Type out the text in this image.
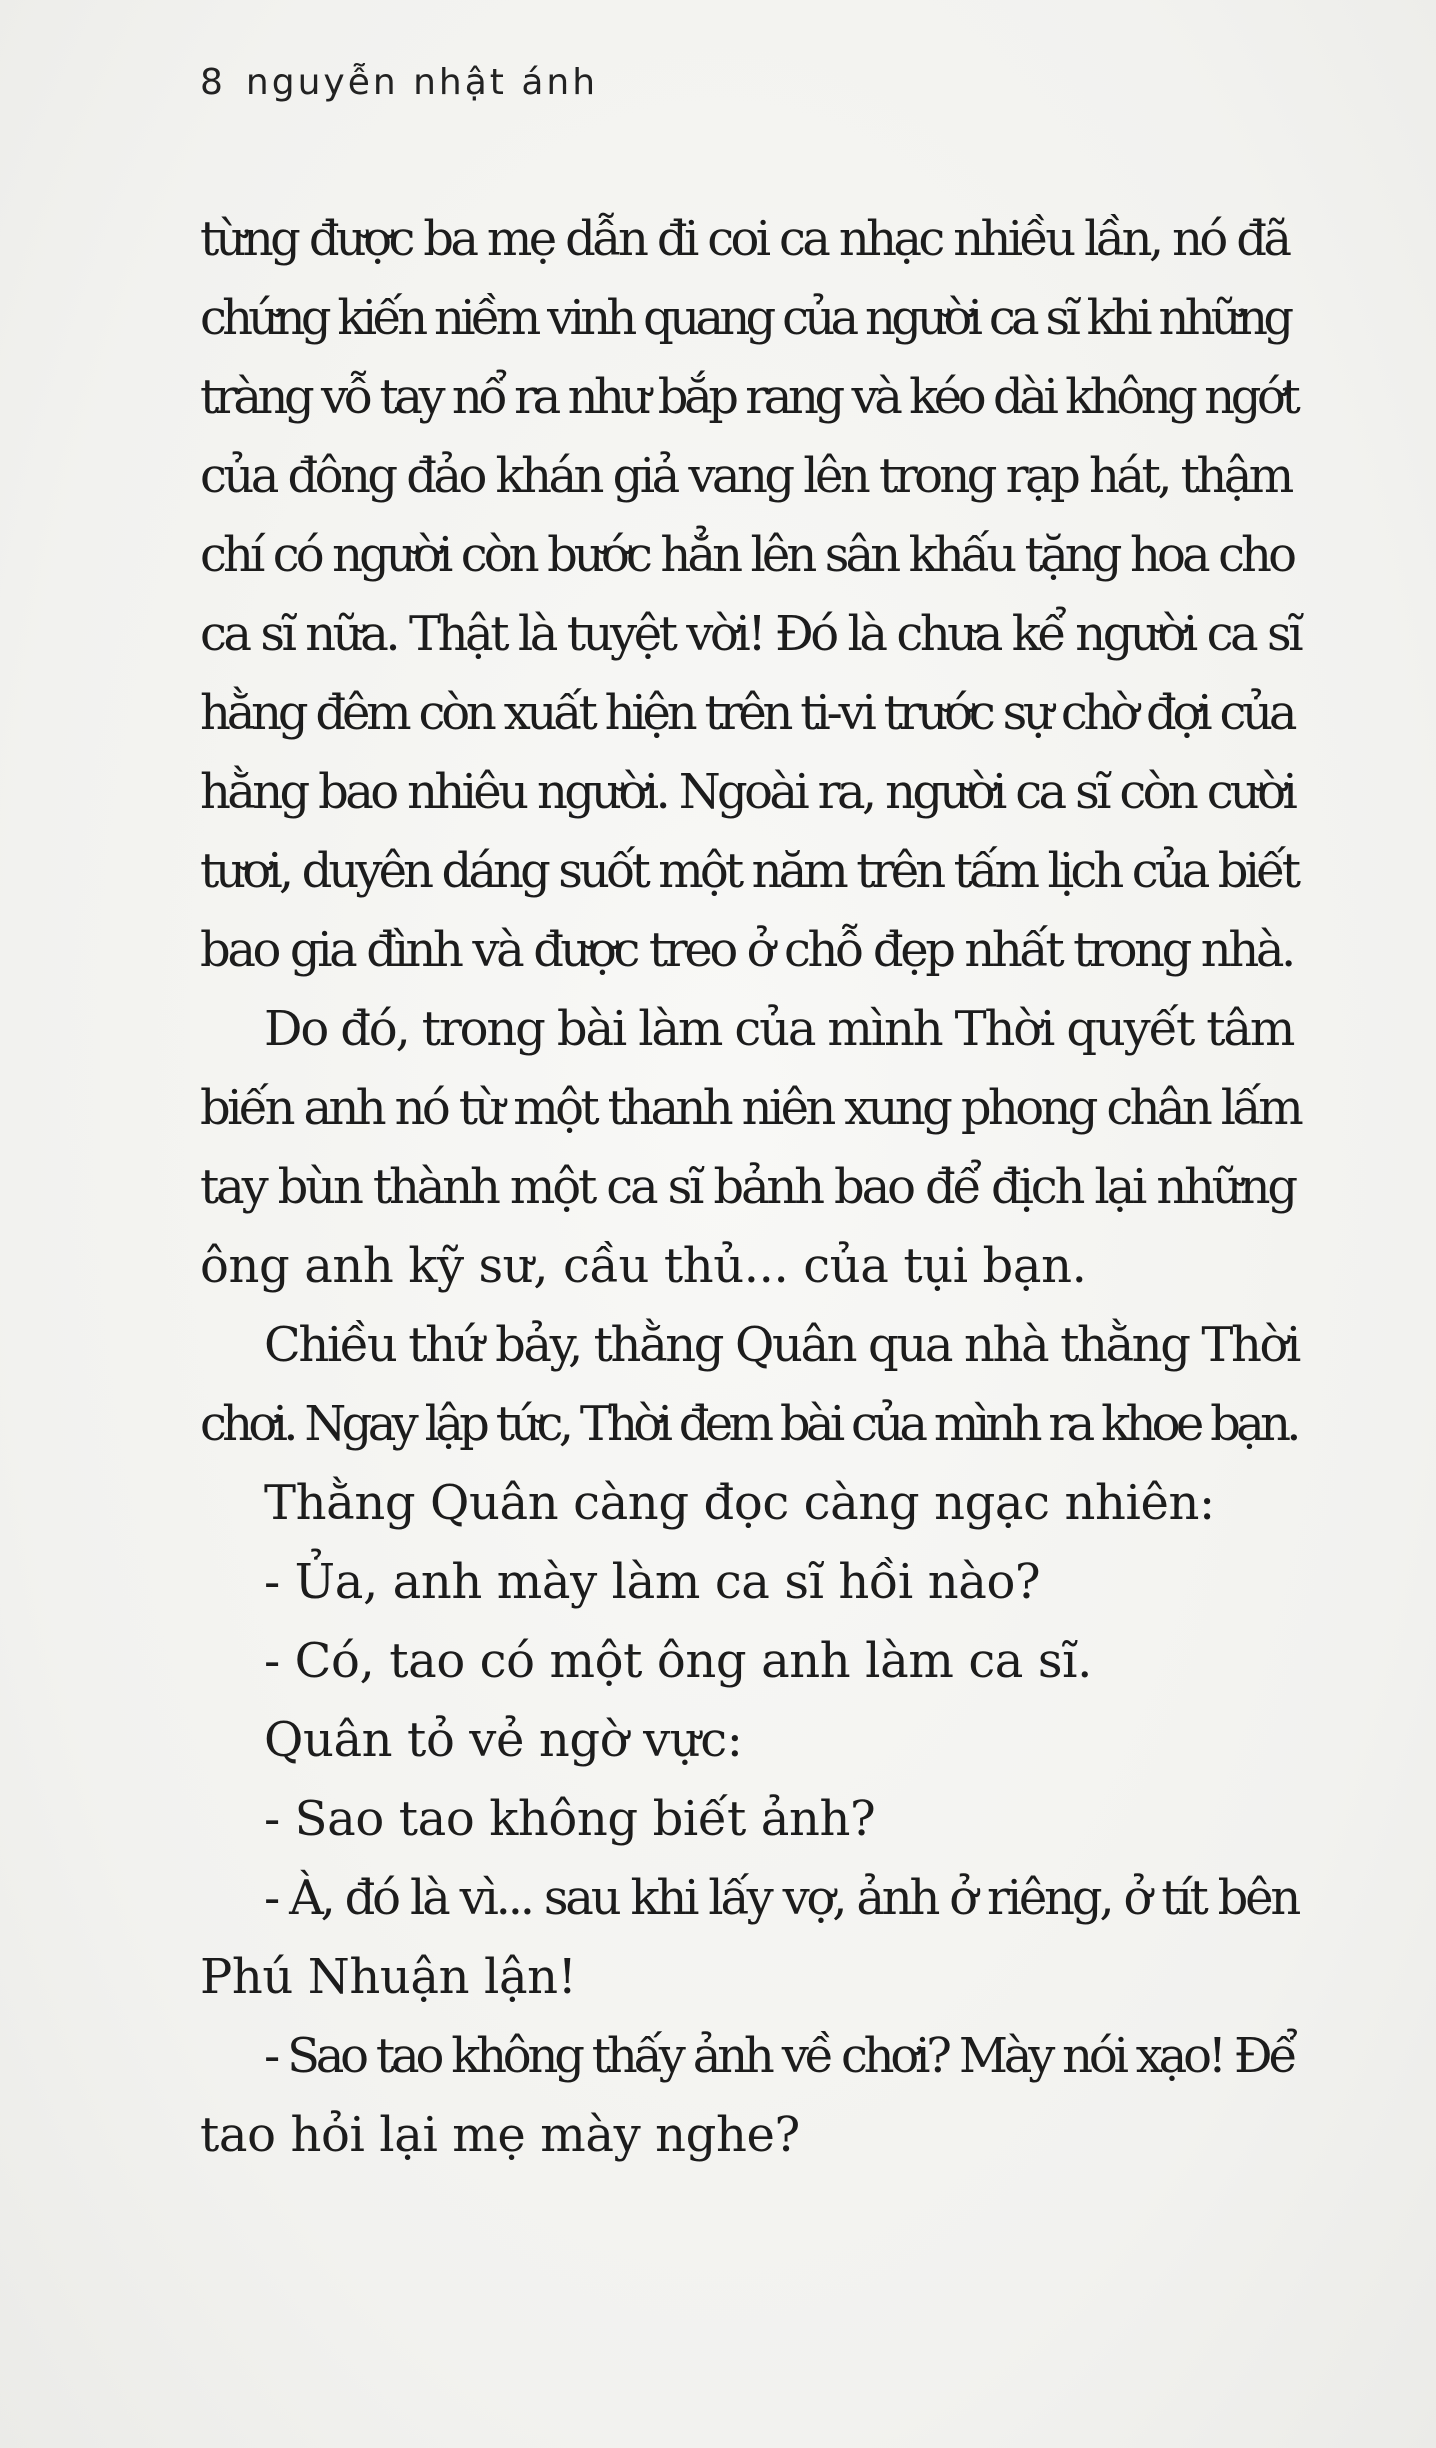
8 nguyễn nhật ánh
từng được ba mẹ dẫn đi coi ca nhạc nhiều lần, nó đã
chứng kiến niềm vinh quang của người ca sĩ khi những
tràng vỗ tay nổ ra như bắp rang và kéo dài không ngớt
của đông đảo khán giả vang lên trong rạp hát, thậm
chí có người còn bước hẳn lên sân khấu tặng hoa cho
ca sĩ nữa. Thật là tuyệt vời! Đó là chưa kể người ca sĩ
hằng đêm còn xuất hiện trên ti-vi trước sự chờ đợi của
hằng bao nhiêu người. Ngoài ra, người ca sĩ còn cười
tươi, duyên dáng suốt một năm trên tấm lịch của biết
bao gia đình và được treo ở chỗ đẹp nhất trong nhà.
Do đó, trong bài làm của mình Thời quyết tâm
biến anh nó từ một thanh niên xung phong chân lấm
tay bùn thành một ca sĩ bảnh bao để địch lại những
ông anh kỹ sư, cầu thủ... của tụi bạn.
Chiều thứ bảy, thằng Quân qua nhà thằng Thời
chơi. Ngay lập tức, Thời đem bài của mình ra khoe bạn.
Thằng Quân càng đọc càng ngạc nhiên:
- Ủa, anh mày làm ca sĩ hồi nào?
- Có, tao có một ông anh làm ca sĩ.
Quân tỏ vẻ ngờ vực:
- Sao tao không biết ảnh?
- À, đó là vì... sau khi lấy vợ, ảnh ở riêng, ở tít bên
Phú Nhuận lận!
- Sao tao không thấy ảnh về chơi? Mày nói xạo! Để
tao hỏi lại mẹ mày nghe?
